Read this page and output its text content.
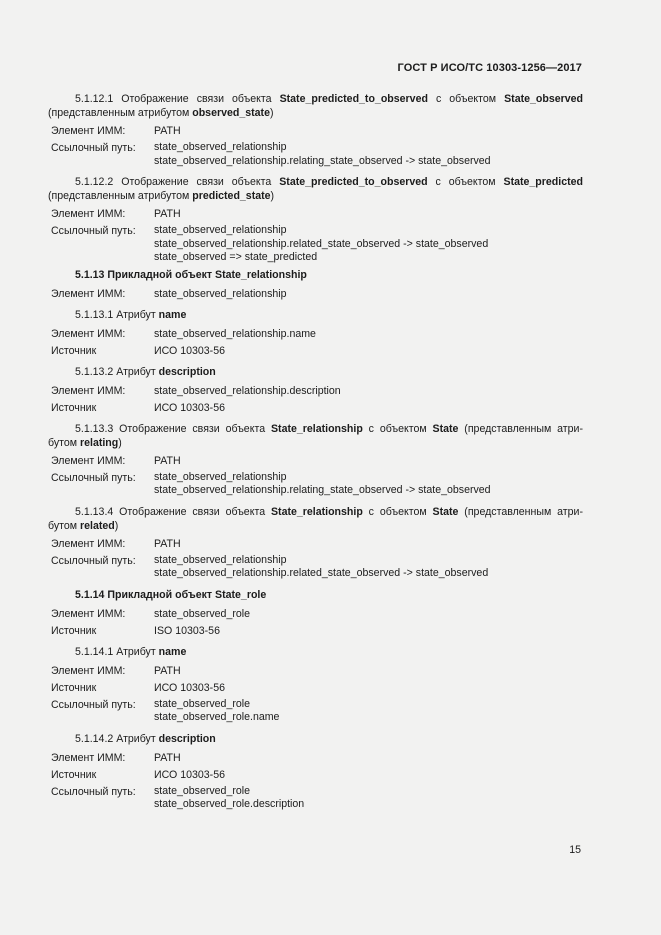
ГОСТ Р ИСО/ТС 10303-1256—2017

5.1.12.1 Отображение связи объекта State_predicted_to_observed с объектом State_observed (представленным атрибутом observed_state)

Элемент ИММ:	PATH
Ссылочный путь:	state_observed_relationship
state_observed_relationship.relating_state_observed -> state_observed

5.1.12.2 Отображение связи объекта State_predicted_to_observed с объектом State_predicted (представленным атрибутом predicted_state)

Элемент ИММ:	PATH
Ссылочный путь:	state_observed_relationship
state_observed_relationship.related_state_observed -> state_observed
state_observed => state_predicted

5.1.13 Прикладной объект State_relationship

Элемент ИММ:	state_observed_relationship

5.1.13.1 Атрибут name

Элемент ИММ:	state_observed_relationship.name
Источник	ИСО 10303-56

5.1.13.2 Атрибут description

Элемент ИММ:	state_observed_relationship.description
Источник	ИСО 10303-56

5.1.13.3 Отображение связи объекта State_relationship с объектом State (представленным атри-бутом relating)

Элемент ИММ:	PATH
Ссылочный путь:	state_observed_relationship
state_observed_relationship.relating_state_observed -> state_observed

5.1.13.4 Отображение связи объекта State_relationship с объектом State (представленным атри-бутом related)

Элемент ИММ:	PATH
Ссылочный путь:	state_observed_relationship
state_observed_relationship.related_state_observed -> state_observed

5.1.14 Прикладной объект State_role

Элемент ИММ:	state_observed_role
Источник	ISO 10303-56

5.1.14.1 Атрибут name

Элемент ИММ:	PATH
Источник	ИСО 10303-56
Ссылочный путь:	state_observed_role
state_observed_role.name

5.1.14.2 Атрибут description

Элемент ИММ:	PATH
Источник	ИСО 10303-56
Ссылочный путь:	state_observed_role
state_observed_role.description
15
